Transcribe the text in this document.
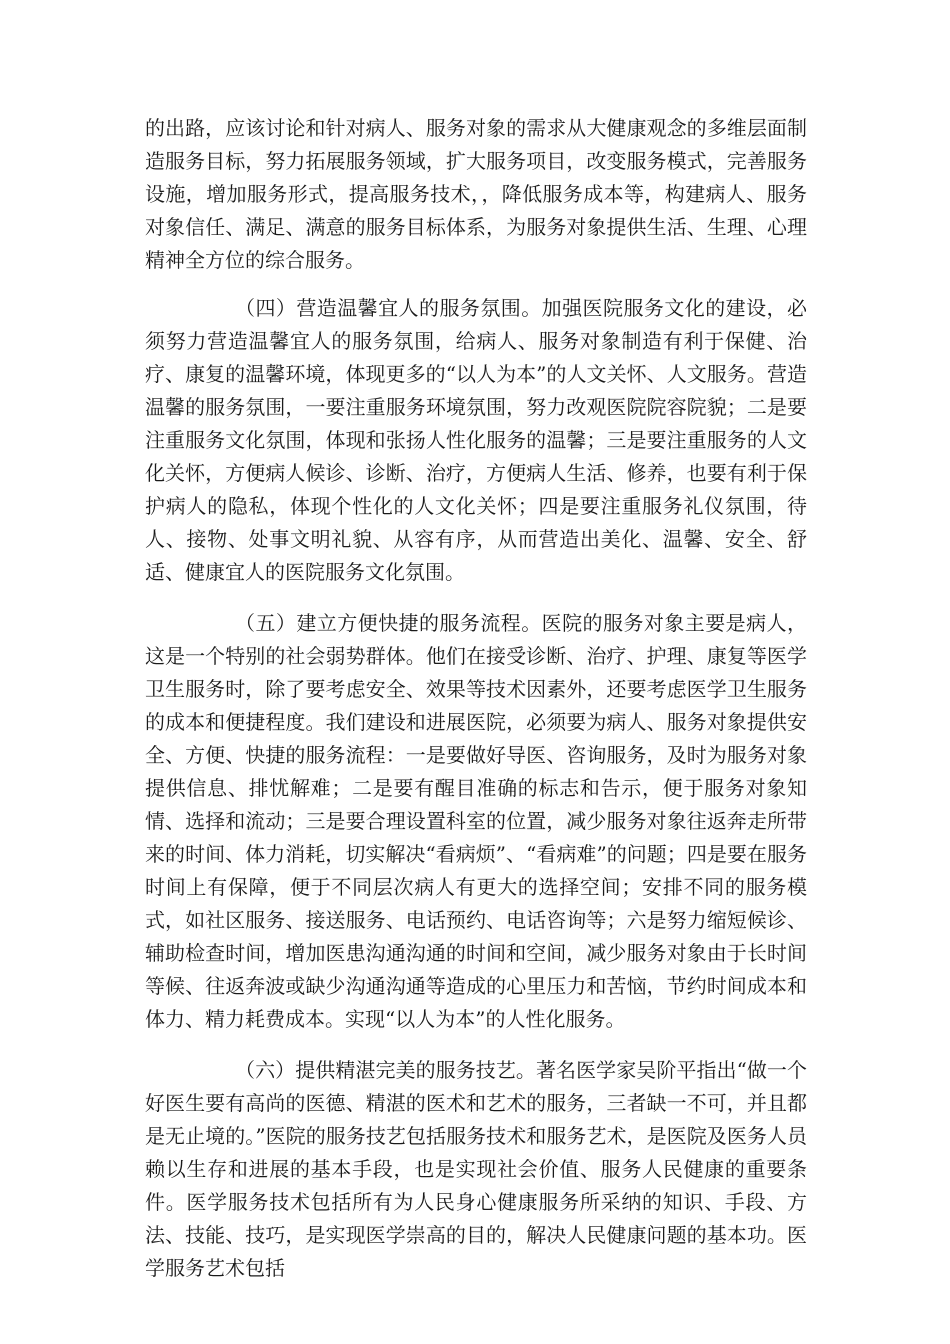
的出路，应该讨论和针对病人、服务对象的需求从大健康观念的多维层面制造服务目标，努力拓展服务领域，扩大服务项目，改变服务模式，完善服务设施，增加服务形式，提高服务技术，，降低服务成本等，构建病人、服务对象信任、满足、满意的服务目标体系，为服务对象提供生活、生理、心理精神全方位的综合服务。

（四）营造温馨宜人的服务氛围。加强医院服务文化的建设，必须努力营造温馨宜人的服务氛围，给病人、服务对象制造有利于保健、治疗、康复的温馨环境，体现更多的“以人为本”的人文关怀、人文服务。营造温馨的服务氛围，一要注重服务环境氛围，努力改观医院院容院貌；二是要注重服务文化氛围，体现和张扬人性化服务的温馨；三是要注重服务的人文化关怀，方便病人候诊、诊断、治疗，方便病人生活、修养，也要有利于保护病人的隐私，体现个性化的人文化关怀；四是要注重服务礼仪氛围，待人、接物、处事文明礼貌、从容有序，从而营造出美化、温馨、安全、舒适、健康宜人的医院服务文化氛围。

（五）建立方便快捷的服务流程。医院的服务对象主要是病人，这是一个特别的社会弱势群体。他们在接受诊断、治疗、护理、康复等医学卫生服务时，除了要考虑安全、效果等技术因素外，还要考虑医学卫生服务的成本和便捷程度。我们建设和进展医院，必须要为病人、服务对象提供安全、方便、快捷的服务流程：一是要做好导医、咨询服务，及时为服务对象提供信息、排忧解难；二是要有醒目准确的标志和告示，便于服务对象知情、选择和流动；三是要合理设置科室的位置，减少服务对象往返奔走所带来的时间、体力消耗，切实解决“看病烦”、“看病难”的问题；四是要在服务时间上有保障，便于不同层次病人有更大的选择空间；安排不同的服务模式，如社区服务、接送服务、电话预约、电话咨询等；六是努力缩短候诊、辅助检查时间，增加医患沟通沟通的时间和空间，减少服务对象由于长时间等候、往返奔波或缺少沟通沟通等造成的心里压力和苦恼，节约时间成本和体力、精力耗费成本。实现“以人为本”的人性化服务。

（六）提供精湛完美的服务技艺。著名医学家吴阶平指出“做一个好医生要有高尚的医德、精湛的医术和艺术的服务，三者缺一不可，并且都是无止境的。”医院的服务技艺包括服务技术和服务艺术，是医院及医务人员赖以生存和进展的基本手段，也是实现社会价值、服务人民健康的重要条件。医学服务技术包括所有为人民身心健康服务所采纳的知识、手段、方法、技能、技巧，是实现医学崇高的目的，解决人民健康问题的基本功。医学服务艺术包括
